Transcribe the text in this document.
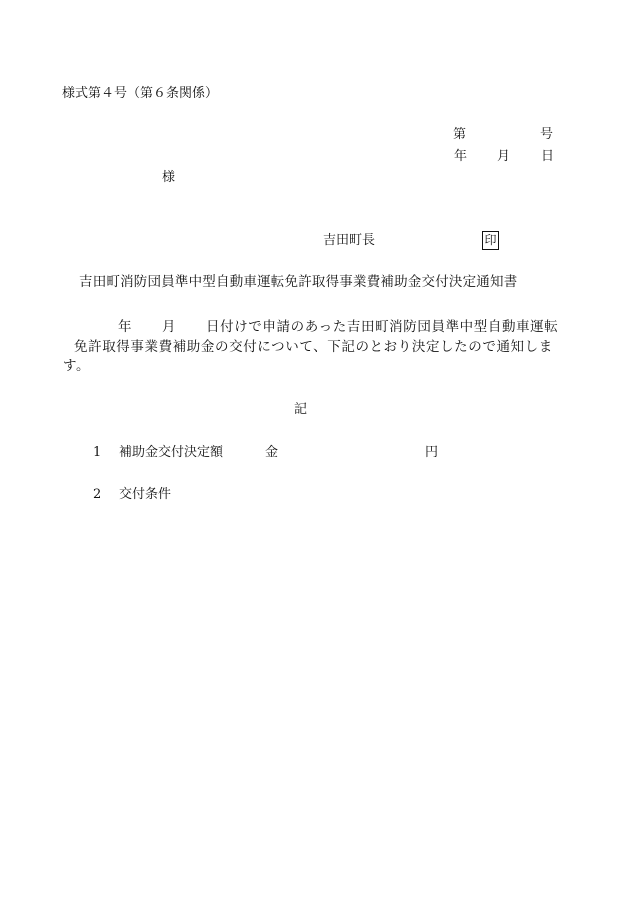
様式第４号（第６条関係）
第	号
年 月 日
様
吉田町長	印
吉田町消防団員準中型自動車運転免許取得事業費補助金交付決定通知書
年 月 日付けで申請のあった吉田町消防団員準中型自動車運転
免許取得事業費補助金の交付について、下記のとおり決定したので通知しま
す。
記
1 補助金交付決定額	金	円
2 交付条件
